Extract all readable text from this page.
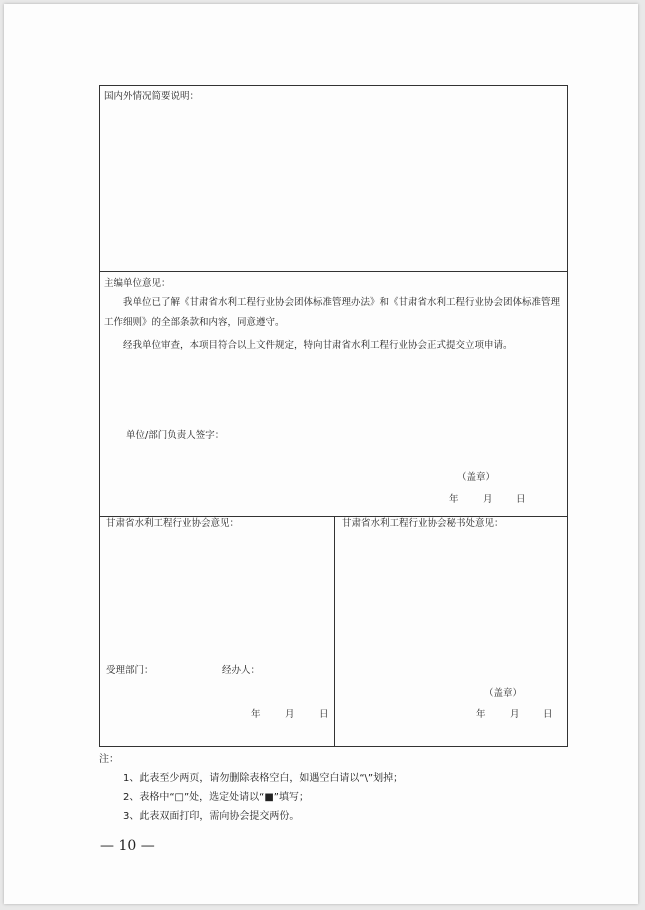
国内外情况简要说明：
主编单位意见：
我单位已了解《甘肃省水利工程行业协会团体标准管理办法》和《甘肃省水利工程行业协会团体标准管理工作细则》的全部条款和内容，同意遵守。
经我单位审查，本项目符合以上文件规定，特向甘肃省水利工程行业协会正式提交立项申请。
单位/部门负责人签字：
（盖章）
年	月 日
甘肃省水利工程行业协会意见：
受理部门：	经办人：
年	月	日
甘肃省水利工程行业协会秘书处意见：
（盖章）
年	月 日
注：
1、此表至少两页，请勿删除表格空白，如遇空白请以“\”划掉；
2、表格中“□”处，选定处请以“■”填写；
3、此表双面打印，需向协会提交两份。
— 10 —
